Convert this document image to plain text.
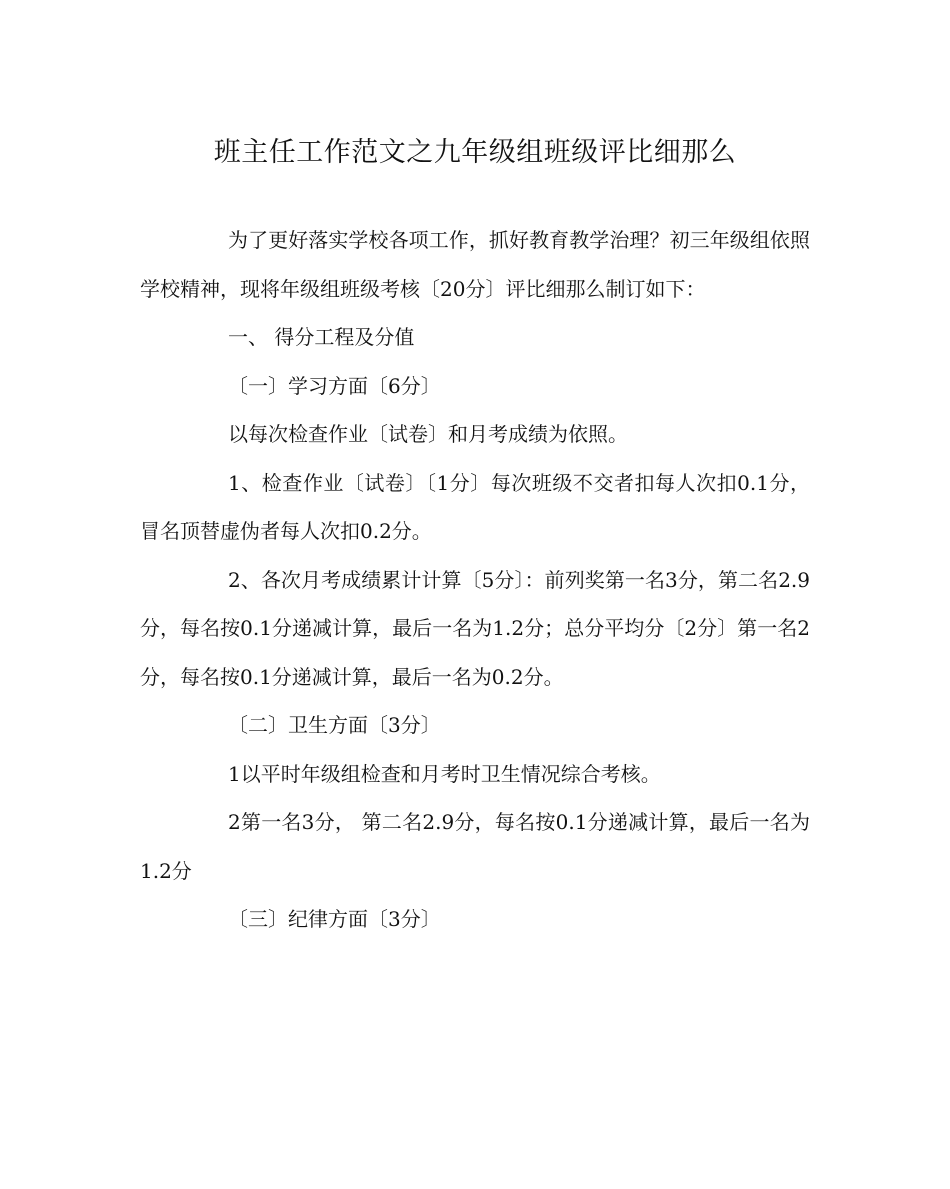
班主任工作范文之九年级组班级评比细那么

为了更好落实学校各项工作，抓好教育教学治理？初三年级组依照学校精神，现将年级组班级考核〔20分〕评比细那么制订如下：

一、 得分工程及分值

〔一〕学习方面〔6分〕

以每次检查作业〔试卷〕和月考成绩为依照。

1、检查作业〔试卷〕〔1分〕每次班级不交者扣每人次扣0.1分，冒名顶替虚伪者每人次扣0.2分。

2、各次月考成绩累计计算〔5分〕：前列奖第一名3分，第二名2.9分，每名按0.1分递减计算，最后一名为1.2分；总分平均分〔2分〕第一名2分，每名按0.1分递减计算，最后一名为0.2分。

〔二〕卫生方面〔3分〕

1以平时年级组检查和月考时卫生情况综合考核。

2第一名3分， 第二名2.9分，每名按0.1分递减计算，最后一名为1.2分

〔三〕纪律方面〔3分〕
